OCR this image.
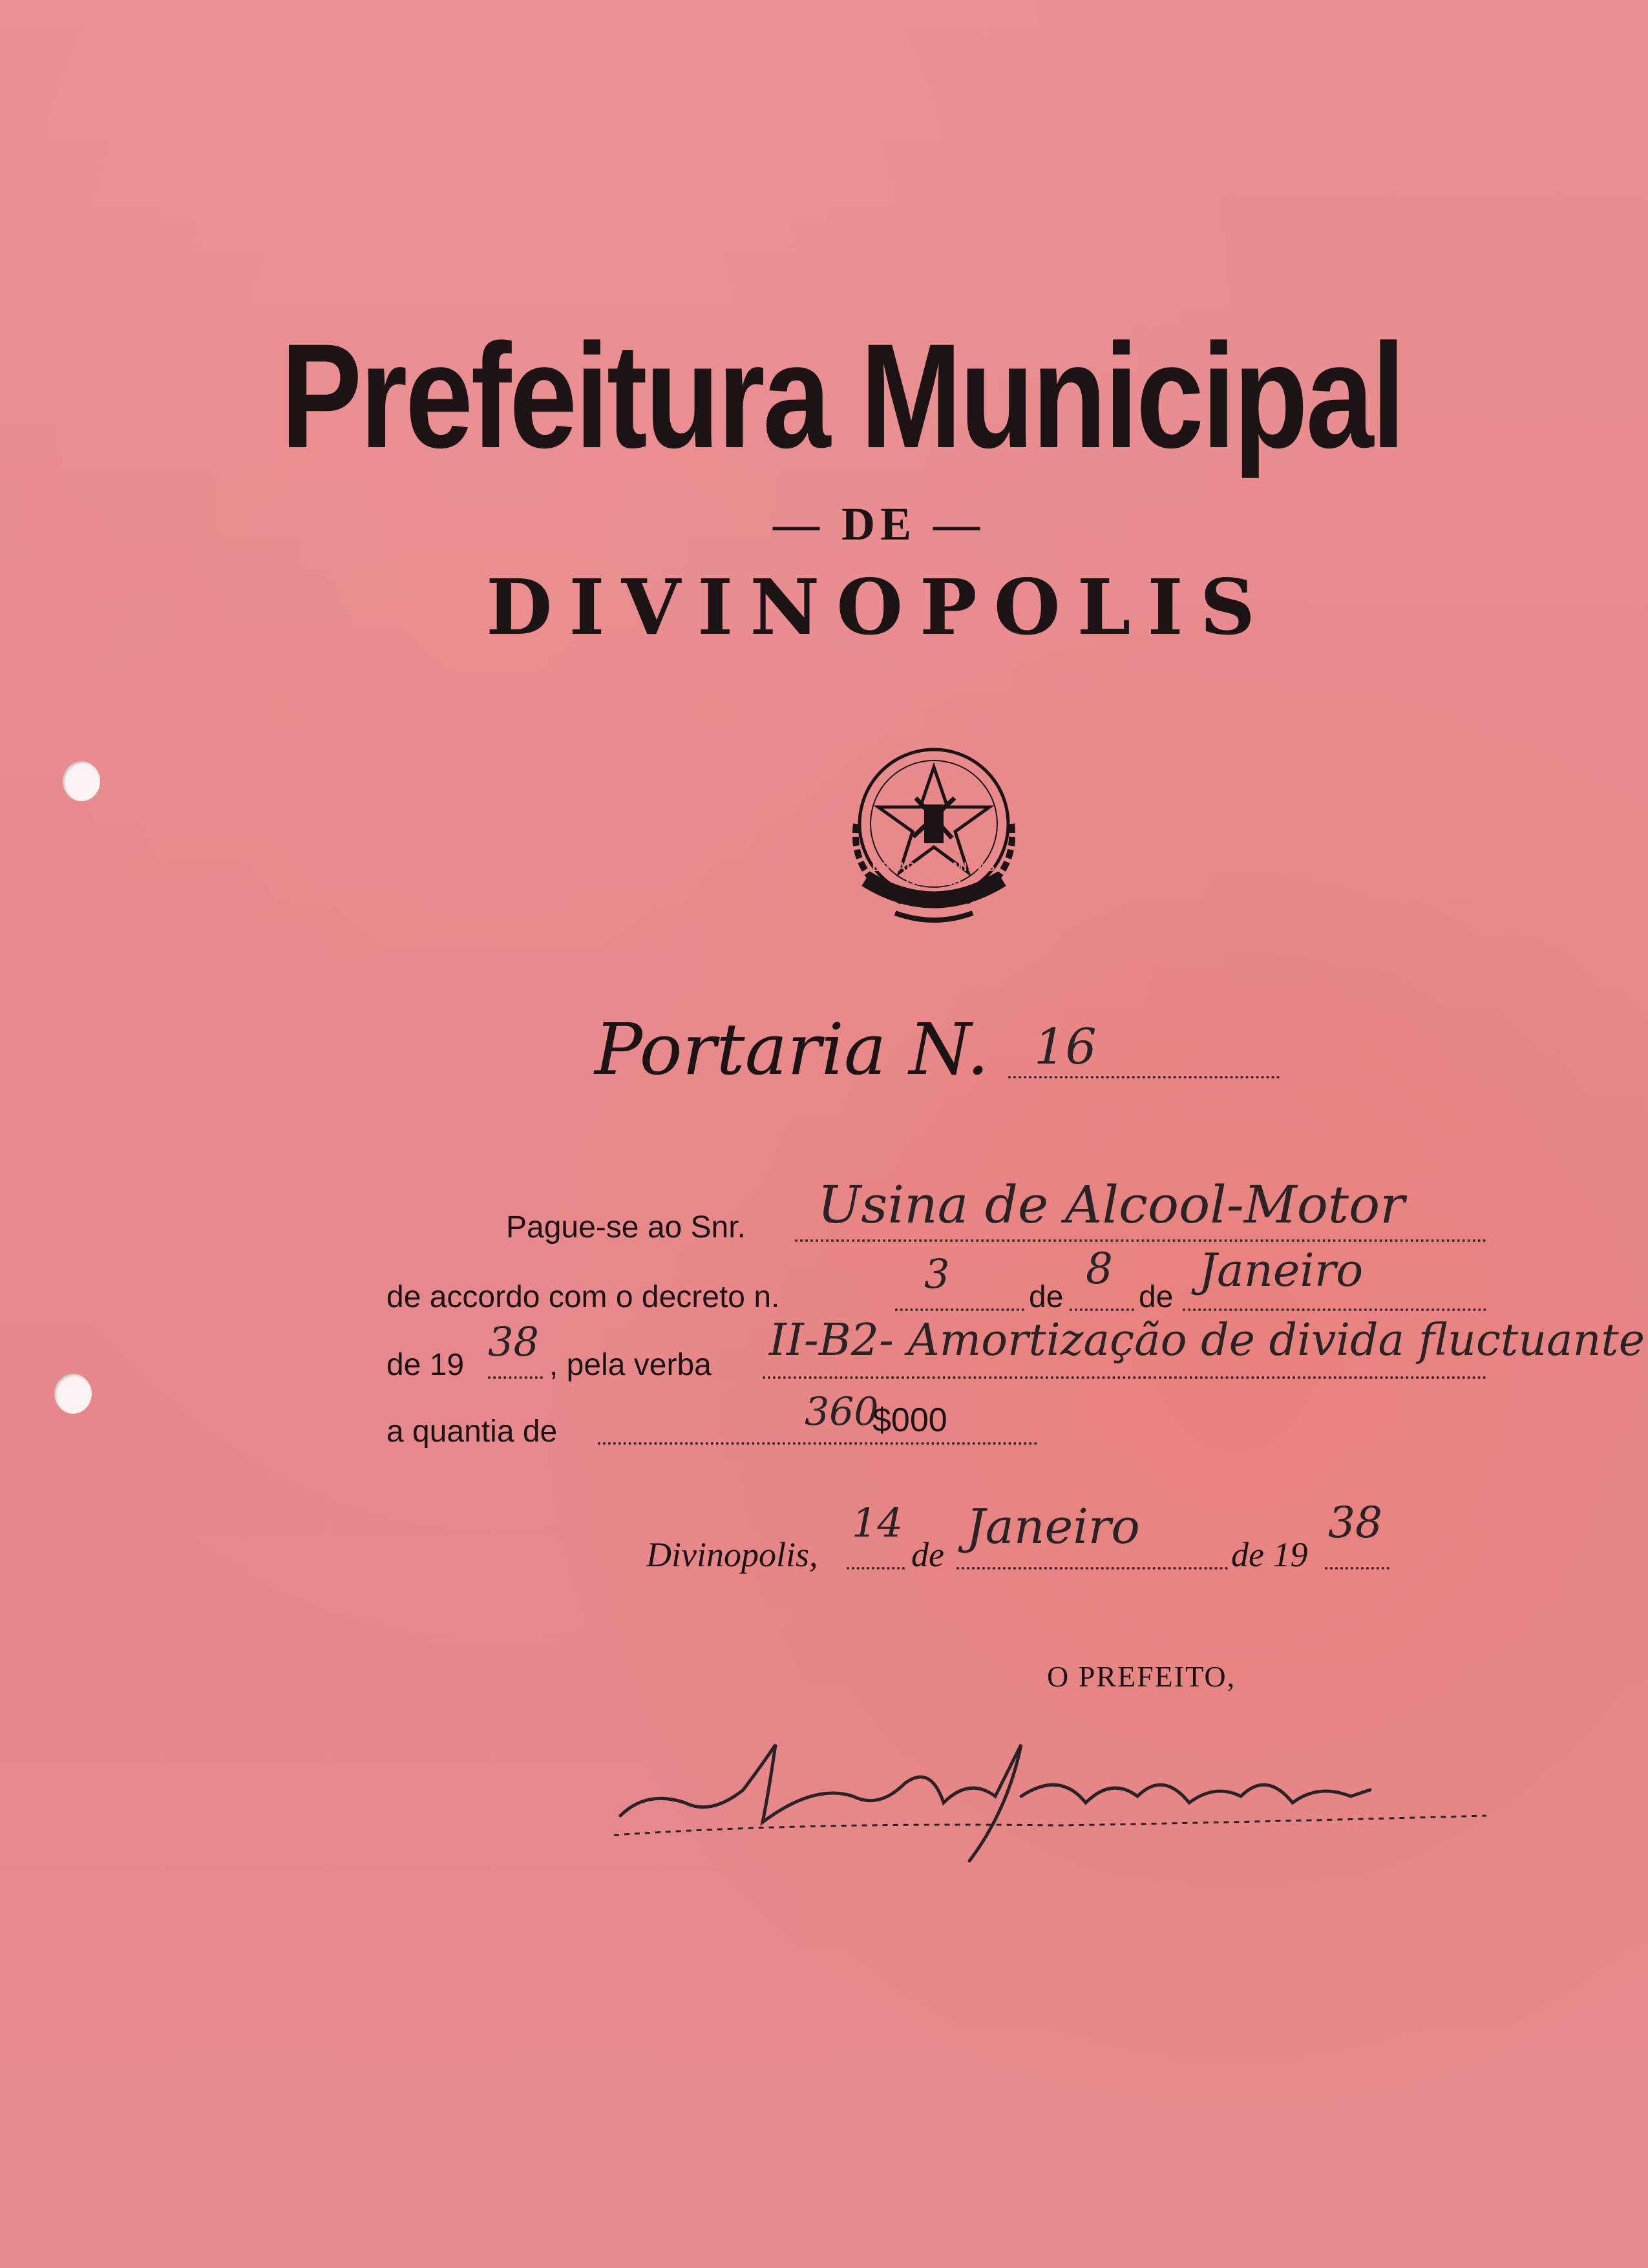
Prefeitura Municipal
— DE —
DIVINOPOLIS
ESTADO DE MINAS GERAES
Portaria N. 16
Pague-se ao Snr. Usina de Alcool-Motor
de accordo com o decreto n.	3	de
8
de
Janeiro
de 19 38 , pela verba II-B2- Amortização de divida fluctuante
a quantia de	360
$000
Divinopolis,
14
de Janeiro	de 19
38
O PREFEITO,
